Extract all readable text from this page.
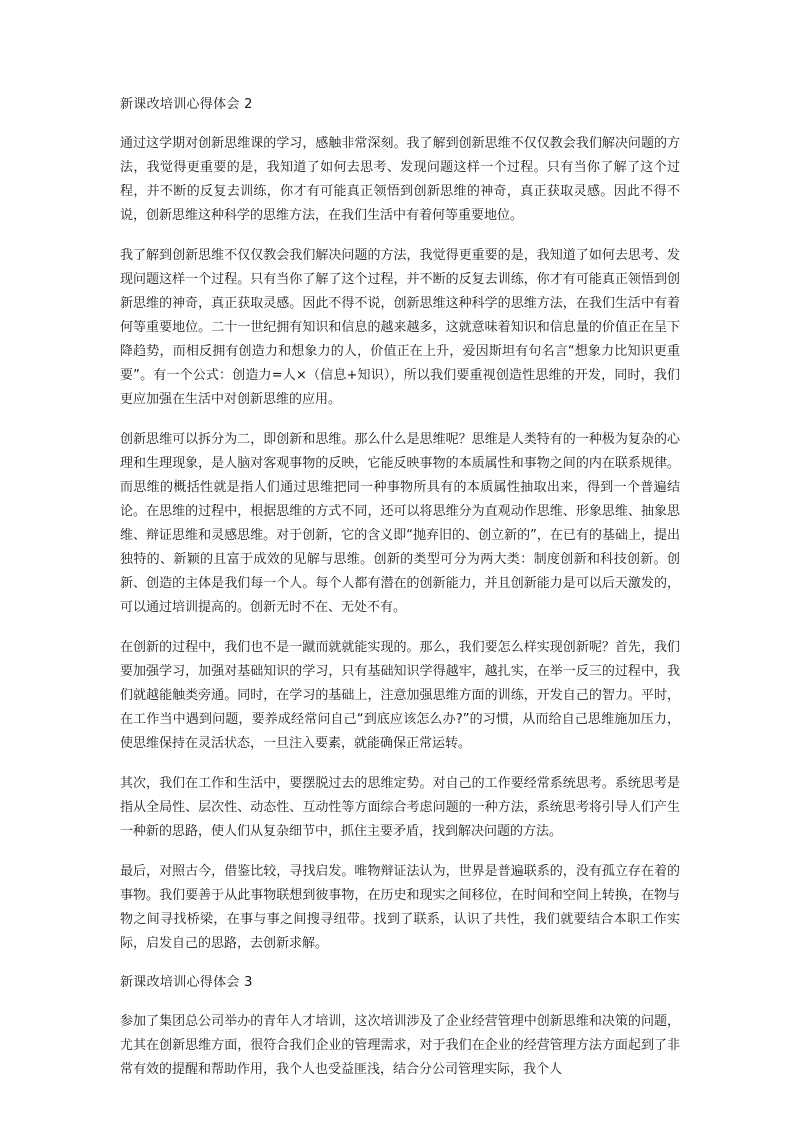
新课改培训心得体会 2

通过这学期对创新思维课的学习，感触非常深刻。我了解到创新思维不仅仅教会我们解决问题的方法，我觉得更重要的是，我知道了如何去思考、发现问题这样一个过程。只有当你了解了这个过程，并不断的反复去训练，你才有可能真正领悟到创新思维的神奇，真正获取灵感。因此不得不说，创新思维这种科学的思维方法，在我们生活中有着何等重要地位。

我了解到创新思维不仅仅教会我们解决问题的方法，我觉得更重要的是，我知道了如何去思考、发现问题这样一个过程。只有当你了解了这个过程，并不断的反复去训练，你才有可能真正领悟到创新思维的神奇，真正获取灵感。因此不得不说，创新思维这种科学的思维方法，在我们生活中有着何等重要地位。二十一世纪拥有知识和信息的越来越多，这就意味着知识和信息量的价值正在呈下降趋势，而相反拥有创造力和想象力的人，价值正在上升，爱因斯坦有句名言“想象力比知识更重要”。有一个公式：创造力=人×（信息+知识），所以我们要重视创造性思维的开发，同时，我们更应加强在生活中对创新思维的应用。

创新思维可以拆分为二，即创新和思维。那么什么是思维呢？思维是人类特有的一种极为复杂的心理和生理现象，是人脑对客观事物的反映，它能反映事物的本质属性和事物之间的内在联系规律。而思维的概括性就是指人们通过思维把同一种事物所具有的本质属性抽取出来，得到一个普遍结论。在思维的过程中，根据思维的方式不同，还可以将思维分为直观动作思维、形象思维、抽象思维、辩证思维和灵感思维。对于创新，它的含义即“抛弃旧的、创立新的”，在已有的基础上，提出独特的、新颖的且富于成效的见解与思维。创新的类型可分为两大类：制度创新和科技创新。创新、创造的主体是我们每一个人。每个人都有潜在的创新能力，并且创新能力是可以后天激发的，可以通过培训提高的。创新无时不在、无处不有。

在创新的过程中，我们也不是一蹴而就就能实现的。那么，我们要怎么样实现创新呢？首先，我们要加强学习，加强对基础知识的学习，只有基础知识学得越牢，越扎实，在举一反三的过程中，我们就越能触类旁通。同时，在学习的基础上，注意加强思维方面的训练，开发自己的智力。平时，在工作当中遇到问题，要养成经常问自己“到底应该怎么办?”的习惯，从而给自己思维施加压力，使思维保持在灵活状态，一旦注入要素，就能确保正常运转。

其次，我们在工作和生活中，要摆脱过去的思维定势。对自己的工作要经常系统思考。系统思考是指从全局性、层次性、动态性、互动性等方面综合考虑问题的一种方法，系统思考将引导人们产生一种新的思路，使人们从复杂细节中，抓住主要矛盾，找到解决问题的方法。

最后，对照古今，借鉴比较，寻找启发。唯物辩证法认为，世界是普遍联系的，没有孤立存在着的事物。我们要善于从此事物联想到彼事物，在历史和现实之间移位，在时间和空间上转换，在物与物之间寻找桥梁，在事与事之间搜寻纽带。找到了联系，认识了共性，我们就要结合本职工作实际，启发自己的思路，去创新求解。

新课改培训心得体会 3

参加了集团总公司举办的青年人才培训，这次培训涉及了企业经营管理中创新思维和决策的问题，尤其在创新思维方面，很符合我们企业的管理需求，对于我们在企业的经营管理方法方面起到了非常有效的提醒和帮助作用，我个人也受益匪浅，结合分公司管理实际，我个人
